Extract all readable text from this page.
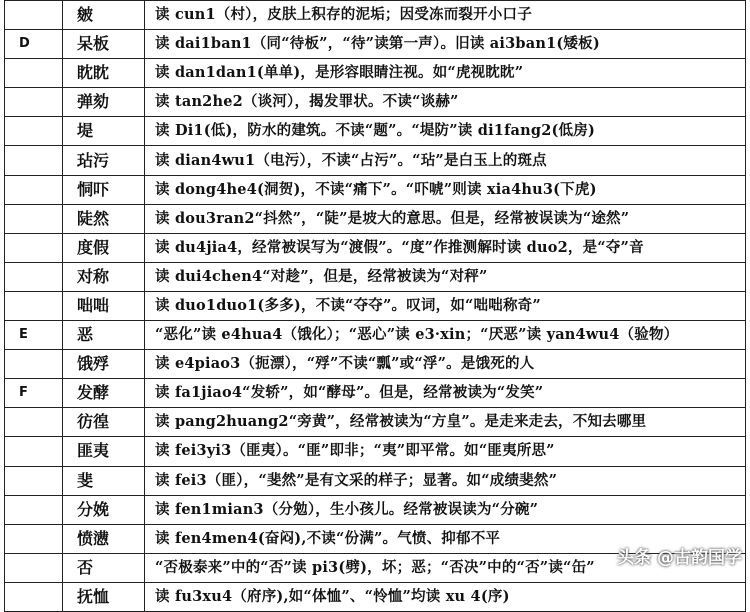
	皴	读 cun1（村），皮肤上积存的泥垢；因受冻而裂开小口子
D	呆板	读 dai1ban1（同“待板”，“待”读第一声）。旧读 ai3ban1(矮板)
	眈眈	读 dan1dan1(单单)，是形容眼睛注视。如“虎视眈眈”
	弹劾	读 tan2he2（谈河），揭发罪状。不读“谈赫”
	堤	读 Di1(低)，防水的建筑。不读“题”。“堤防”读 di1fang2(低房)
	玷污	读 dian4wu1（电污），不读“占污”。“玷”是白玉上的斑点
	恫吓	读 dong4he4(洞贺)，不读“痛下”。“吓唬”则读 xia4hu3(下虎)
	陡然	读 dou3ran2“抖然”，“陡”是坡大的意思。但是，经常被误读为“途然”
	度假	读 du4jia4，经常被误写为“渡假”。“度”作推测解时读 duo2，是“夺”音
	对称	读 dui4chen4“对趁”，但是，经常被读为“对秤”
	咄咄	读 duo1duo1(多多)，不读“夺夺”。叹词，如“咄咄称奇”
E	恶	“恶化”读 e4hua4（饿化）；“恶心”读 e3·xin；“厌恶”读 yan4wu4（验物）
	饿殍	读 e4piao3（扼漂），“殍”不读“瓢”或“浮”。是饿死的人
F	发酵	读 fa1jiao4“发轿”，如“酵母”。但是，经常被读为“发笑”
	彷徨	读 pang2huang2“旁黄”，经常被读为“方皇”。是走来走去，不知去哪里
	匪夷	读 fei3yi3（匪夷）。“匪”即非；“夷”即平常。如“匪夷所思”
	斐	读 fei3（匪），“斐然”是有文采的样子；显著。如“成绩斐然”
	分娩	读 fen1mian3（分勉），生小孩儿。经常被误读为“分碗”
	愤懑	读 fen4men4(奋闷),不读“份满”。气愤、抑郁不平
	否	“否极泰来”中的“否”读 pi3(劈)，坏；恶；“否决”中的“否”读“缶”
	抚恤	读 fu3xu4（府序),如“体恤”、“怜恤”均读 xu 4(序)
头条 @古韵国学
